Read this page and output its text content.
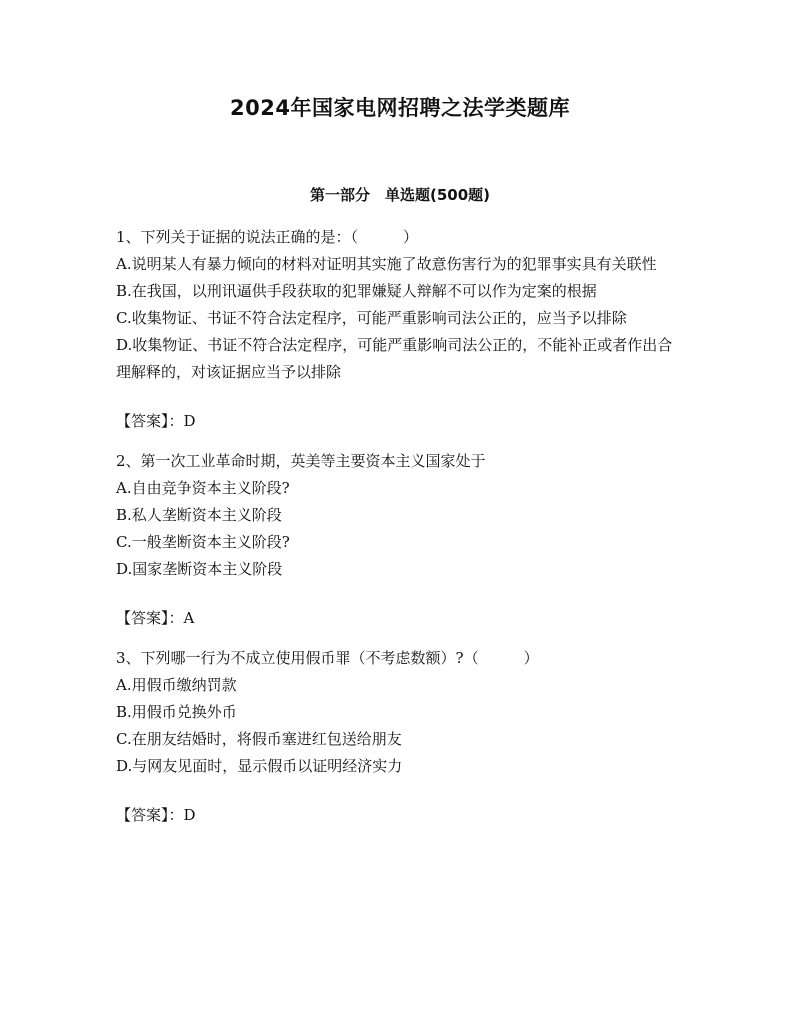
2024年国家电网招聘之法学类题库
第一部分　单选题(500题)

1、下列关于证据的说法正确的是：（　　　）

A.说明某人有暴力倾向的材料对证明其实施了故意伤害行为的犯罪事实具有关联性

B.在我国，以刑讯逼供手段获取的犯罪嫌疑人辩解不可以作为定案的根据

C.收集物证、书证不符合法定程序，可能严重影响司法公正的，应当予以排除

D.收集物证、书证不符合法定程序，可能严重影响司法公正的，不能补正或者作出合理解释的，对该证据应当予以排除

【答案】：D

2、第一次工业革命时期，英美等主要资本主义国家处于

A.自由竞争资本主义阶段?

B.私人垄断资本主义阶段

C.一般垄断资本主义阶段?

D.国家垄断资本主义阶段

【答案】：A

3、下列哪一行为不成立使用假币罪（不考虑数额）?（　　　）

A.用假币缴纳罚款

B.用假币兑换外币

C.在朋友结婚时，将假币塞进红包送给朋友

D.与网友见面时，显示假币以证明经济实力

【答案】：D
